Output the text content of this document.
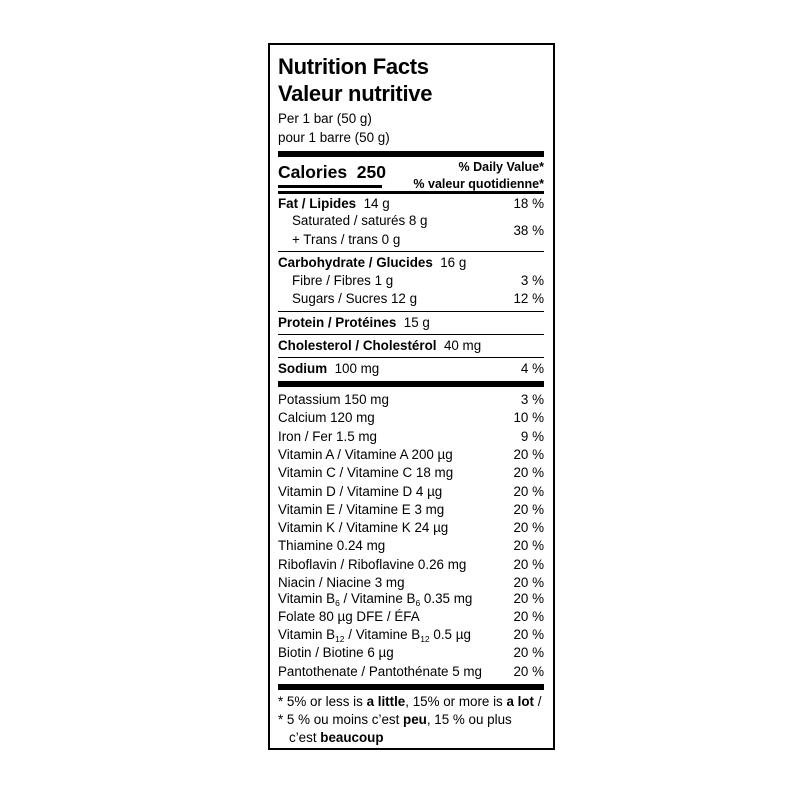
Nutrition Facts
Valeur nutritive
Per 1 bar (50 g)
pour 1 barre (50 g)
Calories 250	% Daily Value*
% valeur quotidienne*
Fat / Lipides 14 g	18 %
Saturated / saturés 8 g
+ Trans / trans 0 g
38 %
Carbohydrate / Glucides 16 g
Fibre / Fibres 1 g	3 %
Sugars / Sucres 12 g	12 %
Protein / Protéines 15 g
Cholesterol / Cholestérol 40 mg
Sodium 100 mg	4 %
Potassium 150 mg	3 %
Calcium 120 mg	10 %
Iron / Fer 1.5 mg	9 %
Vitamin A / Vitamine A 200 µg	20 %
Vitamin C / Vitamine C 18 mg	20 %
Vitamin D / Vitamine D 4 µg	20 %
Vitamin E / Vitamine E 3 mg	20 %
Vitamin K / Vitamine K 24 µg	20 %
Thiamine 0.24 mg	20 %
Riboflavin / Riboflavine 0.26 mg	20 %
Niacin / Niacine 3 mg	20 %
Vitamin $B_6$ / Vitamine $B_6$ 0.35 mg	20 %
Folate 80 µg DFE / ÉFA	20 %
Vitamin $B_{12}$ / Vitamine $B_{12}$ 0.5 µg	20 %
Biotin / Biotine 6 µg	20 %
Pantothenate / Pantothénate 5 mg 20 %
* 5% or less is a little, 15% or more is a lot /
* 5 % ou moins c’est peu, 15 % ou plus
c’est beaucoup
